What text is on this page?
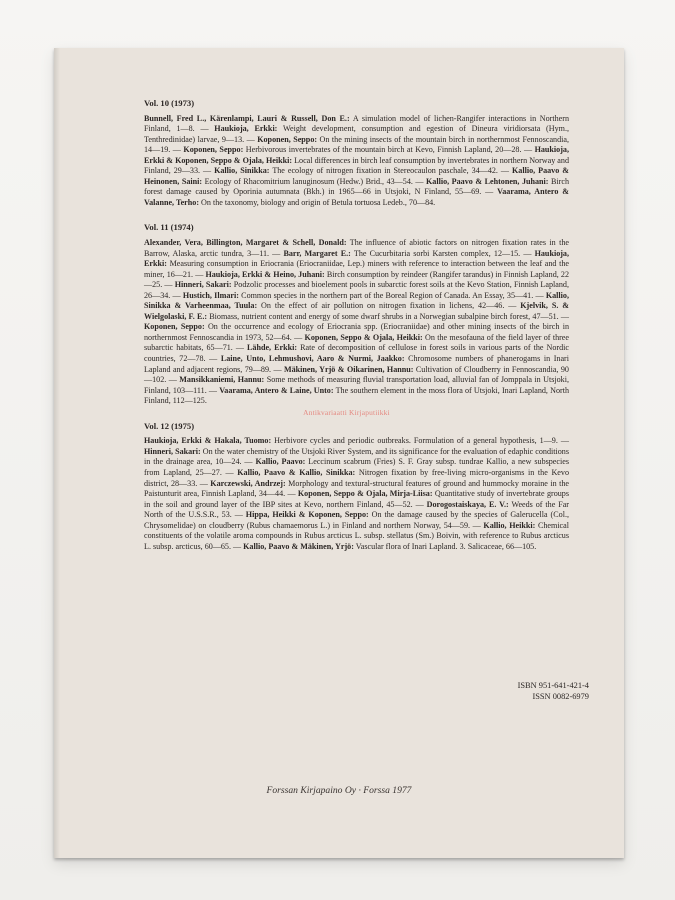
Vol. 10 (1973)
Bunnell, Fred L., Kärenlampi, Lauri & Russell, Don E.: A simulation model of lichen-Rangifer interactions in Northern Finland, 1—8. — Haukioja, Erkki: Weight development, consumption and egestion of Dineura viridiorsata (Hym., Tenthredinidae) larvae, 9—13. — Koponen, Seppo: On the mining insects of the mountain birch in northernmost Fennoscandia, 14—19. — Koponen, Seppo: Herbivorous invertebrates of the mountain birch at Kevo, Finnish Lapland, 20—28. — Haukioja, Erkki & Koponen, Seppo & Ojala, Heikki: Local differences in birch leaf consumption by invertebrates in northern Norway and Finland, 29—33. — Kallio, Sinikka: The ecology of nitrogen fixation in Stereocaulon paschale, 34—42. — Kallio, Paavo & Heinonen, Saini: Ecology of Rhacomitrium lanuginosum (Hedw.) Brid., 43—54. — Kallio, Paavo & Lehtonen, Juhani: Birch forest damage caused by Oporinia autumnata (Bkh.) in 1965—66 in Utsjoki, N Finland, 55—69. — Vaarama, Antero & Valanne, Terho: On the taxonomy, biology and origin of Betula tortuosa Ledeb., 70—84.
Vol. 11 (1974)
Alexander, Vera, Billington, Margaret & Schell, Donald: The influence of abiotic factors on nitrogen fixation rates in the Barrow, Alaska, arctic tundra, 3—11. — Barr, Margaret E.: The Cucurbitaria sorbi Karsten complex, 12—15. — Haukioja, Erkki: Measuring consumption in Eriocrania (Eriocraniidae, Lep.) miners with reference to interaction between the leaf and the miner, 16—21. — Haukioja, Erkki & Heino, Juhani: Birch consumption by reindeer (Rangifer tarandus) in Finnish Lapland, 22—25. — Hinneri, Sakari: Podzolic processes and bioelement pools in subarctic forest soils at the Kevo Station, Finnish Lapland, 26—34. — Hustich, Ilmari: Common species in the northern part of the Boreal Region of Canada. An Essay, 35—41. — Kallio, Sinikka & Varheenmaa, Tuula: On the effect of air pollution on nitrogen fixation in lichens, 42—46. — Kjelvik, S. & Wielgolaski, F. E.: Biomass, nutrient content and energy of some dwarf shrubs in a Norwegian subalpine birch forest, 47—51. — Koponen, Seppo: On the occurrence and ecology of Eriocrania spp. (Eriocraniidae) and other mining insects of the birch in northernmost Fennoscandia in 1973, 52—64. — Koponen, Seppo & Ojala, Heikki: On the mesofauna of the field layer of three subarctic habitats, 65—71. — Lähde, Erkki: Rate of decomposition of cellulose in forest soils in various parts of the Nordic countries, 72—78. — Laine, Unto, Lehmushovi, Aaro & Nurmi, Jaakko: Chromosome numbers of phanerogams in Inari Lapland and adjacent regions, 79—89. — Mäkinen, Yrjö & Oikarinen, Hannu: Cultivation of Cloudberry in Fennoscandia, 90—102. — Mansikkaniemi, Hannu: Some methods of measuring fluvial transportation load, alluvial fan of Jomppala in Utsjoki, Finland, 103—111. — Vaarama, Antero & Laine, Unto: The southern element in the moss flora of Utsjoki, Inari Lapland, North Finland, 112—125.
Vol. 12 (1975)
Haukioja, Erkki & Hakala, Tuomo: Herbivore cycles and periodic outbreaks. Formulation of a general hypothesis, 1—9. — Hinneri, Sakari: On the water chemistry of the Utsjoki River System, and its significance for the evaluation of edaphic conditions in the drainage area, 10—24. — Kallio, Paavo: Leccinum scabrum (Fries) S. F. Gray subsp. tundrae Kallio, a new subspecies from Lapland, 25—27. — Kallio, Paavo & Kallio, Sinikka: Nitrogen fixation by free-living micro-organisms in the Kevo district, 28—33. — Karczewski, Andrzej: Morphology and textural-structural features of ground and hummocky moraine in the Paistunturit area, Finnish Lapland, 34—44. — Koponen, Seppo & Ojala, Mirja-Liisa: Quantitative study of invertebrate groups in the soil and ground layer of the IBP sites at Kevo, northern Finland, 45—52. — Dorogostaiskaya, E. V.: Weeds of the Far North of the U.S.S.R., 53. — Hippa, Heikki & Koponen, Seppo: On the damage caused by the species of Galerucella (Col., Chrysomelidae) on cloudberry (Rubus chamaemorus L.) in Finland and northern Norway, 54—59. — Kallio, Heikki: Chemical constituents of the volatile aroma compounds in Rubus arcticus L. subsp. stellatus (Sm.) Boivin, with reference to Rubus arcticus L. subsp. arcticus, 60—65. — Kallio, Paavo & Mäkinen, Yrjö: Vascular flora of Inari Lapland. 3. Salicaceae, 66—105.
Antikvariaatti Kirjaputiikki
ISBN 951-641-421-4
ISSN 0082-6979
Forssan Kirjapaino Oy · Forssa 1977
